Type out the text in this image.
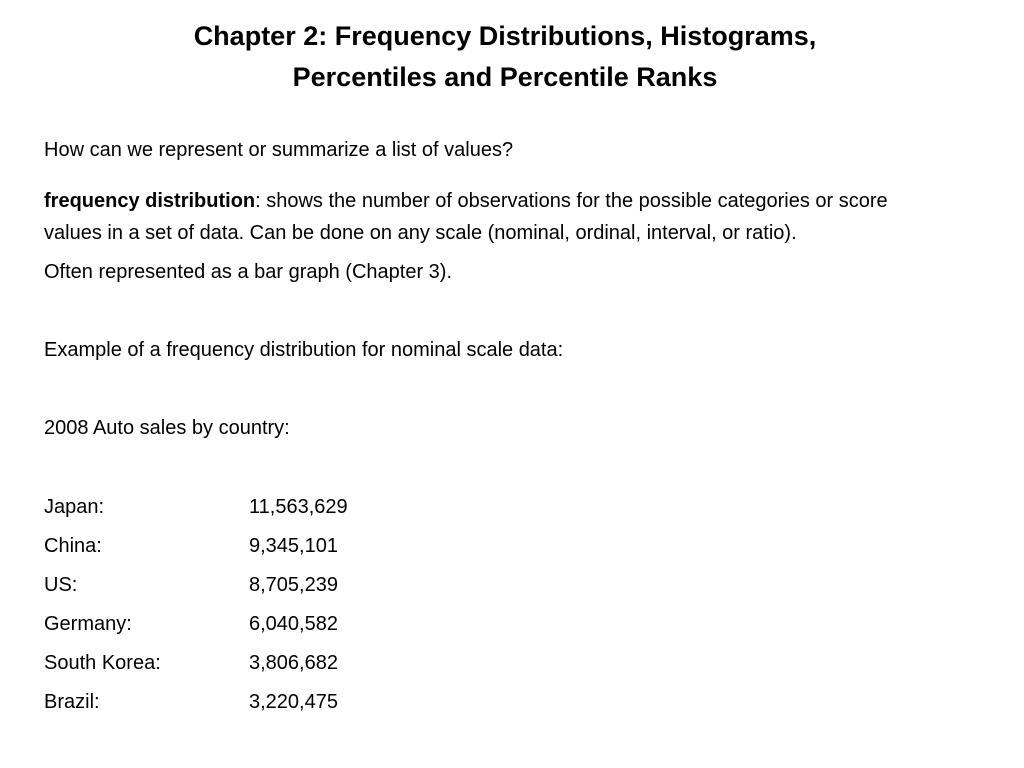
Chapter 2: Frequency Distributions, Histograms,
Percentiles and Percentile Ranks

How can we represent or summarize a list of values?

frequency distribution: shows the number of observations for the possible categories or score
values in a set of data. Can be done on any scale (nominal, ordinal, interval, or ratio).

Often represented as a bar graph (Chapter 3).

Example of a frequency distribution for nominal scale data:

2008 Auto sales by country:

Japan:	11,563,629
China:	9,345,101
US:	8,705,239
Germany:	6,040,582
South Korea:	3,806,682
Brazil:	3,220,475
